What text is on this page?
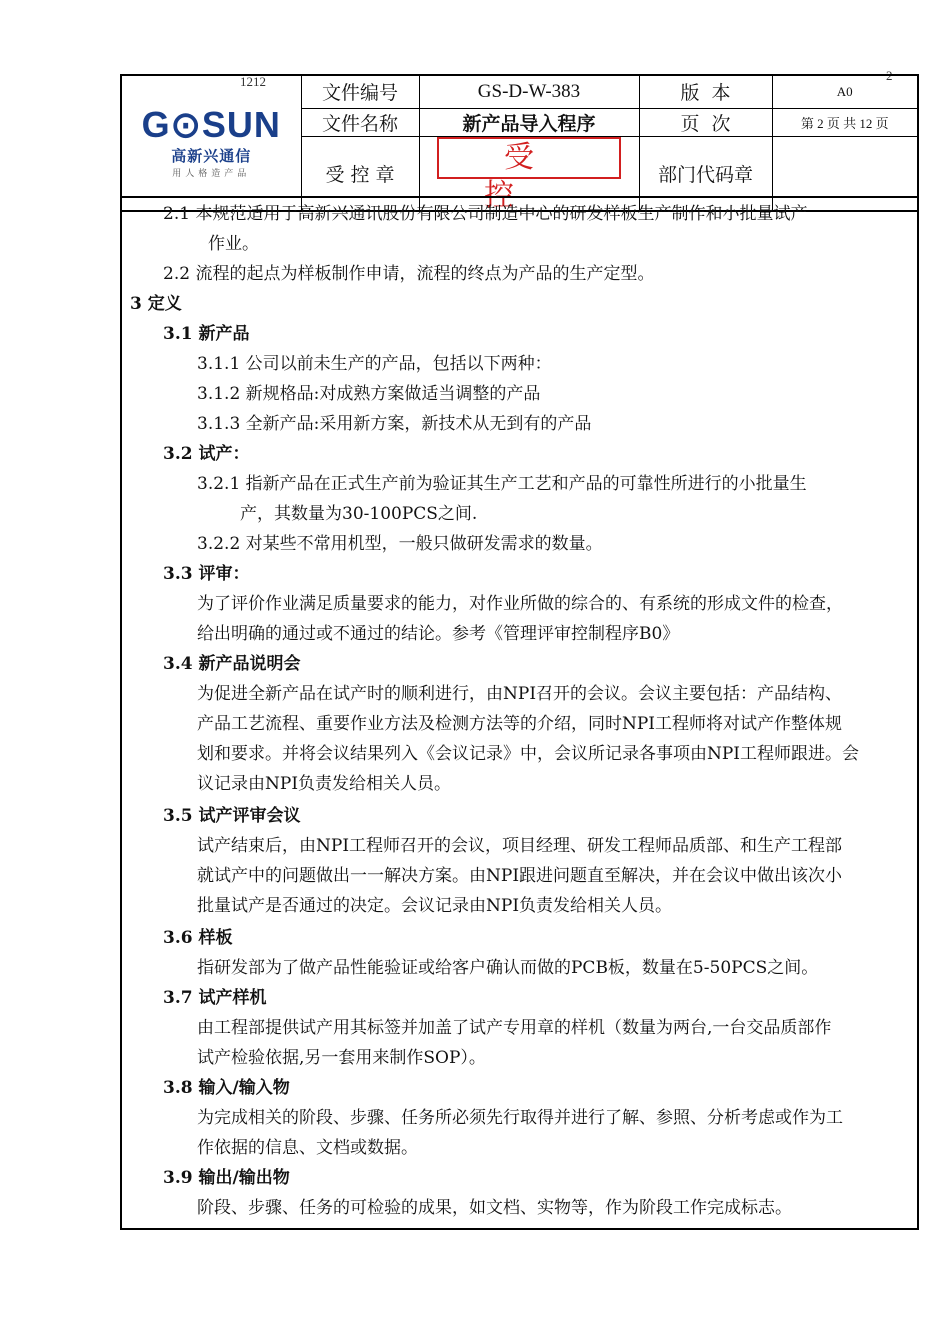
1212	2
G⊙SUN
高新兴通信
用人格造产品	文件编号	GS-D-W-383	版  本	A0
	文件名称	新产品导入程序	页  次	第 2 页 共 12 页
	受 控 章	受控	部门代码章	
2.1 本规范适用于高新兴通讯股份有限公司制造中心的研发样板生产制作和小批量试产
作业。
2.2 流程的起点为样板制作申请，流程的终点为产品的生产定型。
3 定义
3.1 新产品
3.1.1 公司以前未生产的产品，包括以下两种：
3.1.2 新规格品:对成熟方案做适当调整的产品
3.1.3 全新产品:采用新方案，新技术从无到有的产品
3.2 试产：
3.2.1 指新产品在正式生产前为验证其生产工艺和产品的可靠性所进行的小批量生
产，其数量为30-100PCS之间.
3.2.2 对某些不常用机型，一般只做研发需求的数量。
3.3 评审：
为了评价作业满足质量要求的能力，对作业所做的综合的、有系统的形成文件的检查，
给出明确的通过或不通过的结论。参考《管理评审控制程序B0》
3.4 新产品说明会
为促进全新产品在试产时的顺利进行，由NPI召开的会议。会议主要包括：产品结构、
产品工艺流程、重要作业方法及检测方法等的介绍，同时NPI工程师将对试产作整体规
划和要求。并将会议结果列入《会议记录》中，会议所记录各事项由NPI工程师跟进。会
议记录由NPI负责发给相关人员。
3.5 试产评审会议
试产结束后，由NPI工程师召开的会议，项目经理、研发工程师品质部、和生产工程部
就试产中的问题做出一一解决方案。由NPI跟进问题直至解决，并在会议中做出该次小
批量试产是否通过的决定。会议记录由NPI负责发给相关人员。
3.6 样板
指研发部为了做产品性能验证或给客户确认而做的PCB板，数量在5-50PCS之间。
3.7 试产样机
由工程部提供试产用其标签并加盖了试产专用章的样机（数量为两台,一台交品质部作
试产检验依据,另一套用来制作SOP）。
3.8 输入/输入物
为完成相关的阶段、步骤、任务所必须先行取得并进行了解、参照、分析考虑或作为工
作依据的信息、文档或数据。
3.9 输出/输出物
阶段、步骤、任务的可检验的成果，如文档、实物等，作为阶段工作完成标志。
